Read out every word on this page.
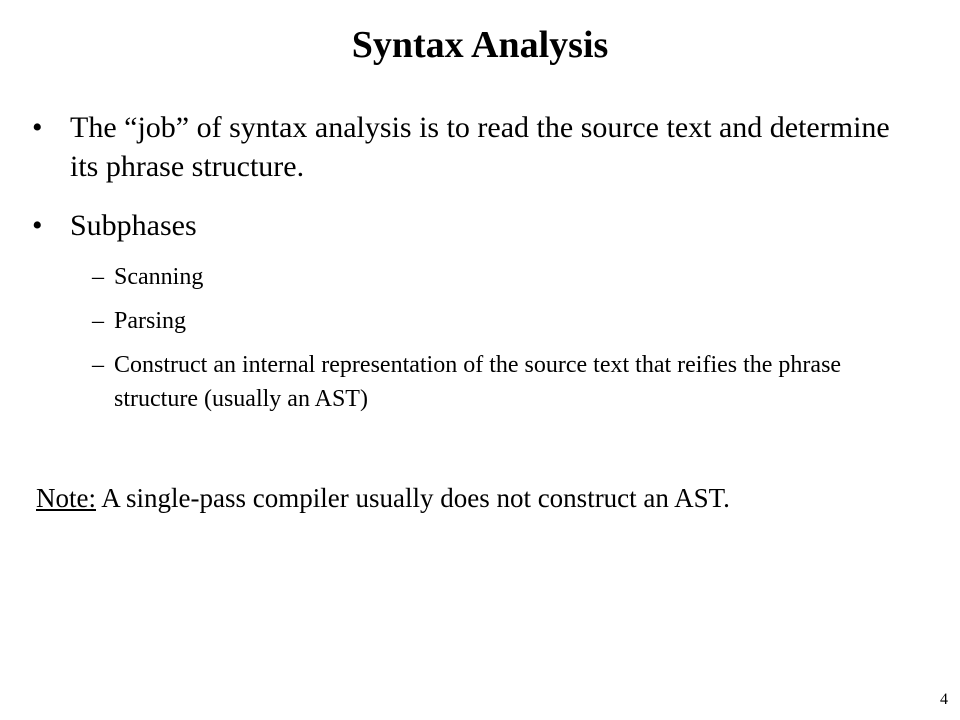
Syntax Analysis
• The “job” of syntax analysis is to read the source text and determine its phrase structure.
• Subphases
– Scanning
– Parsing
– Construct an internal representation of the source text that reifies the phrase structure (usually an AST)
Note: A single-pass compiler usually does not construct an AST.
4
